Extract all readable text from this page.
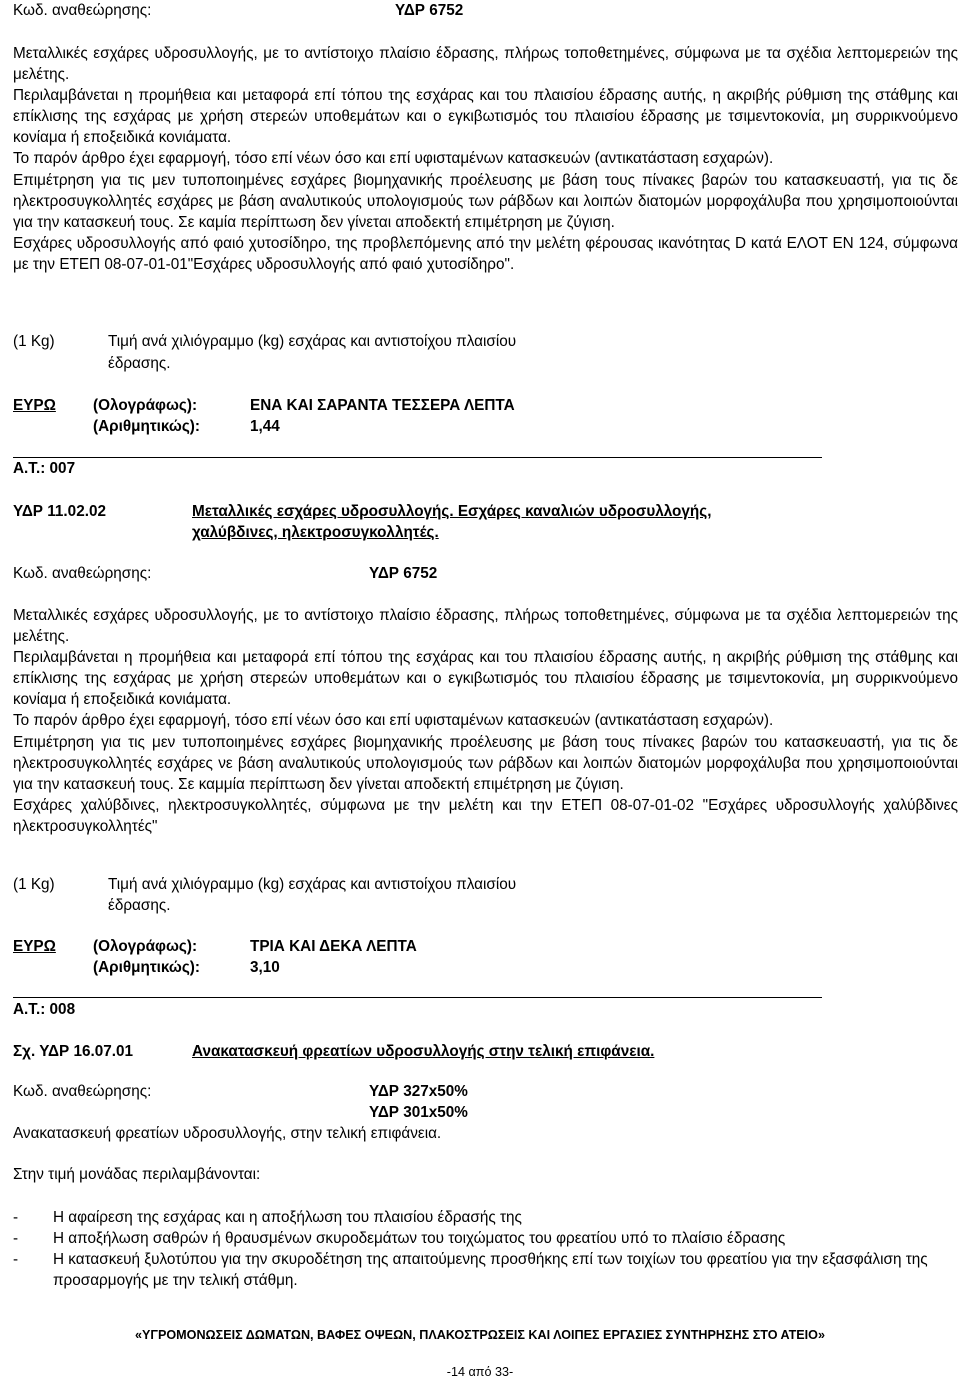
Κωδ. αναθεώρησης:	ΥΔΡ 6752

Μεταλλικές εσχάρες υδροσυλλογής, με το αντίστοιχο πλαίσιο έδρασης, πλήρως τοποθετημένες, σύμφωνα με τα σχέδια λεπτομερειών της μελέτης.

Περιλαμβάνεται η προμήθεια και μεταφορά επί τόπου της εσχάρας και του πλαισίου έδρασης αυτής, η ακριβής ρύθμιση της στάθμης και επίκλισης της εσχάρας με χρήση στερεών υποθεμάτων και ο εγκιβωτισμός του πλαισίου έδρασης με τσιμεντοκονία, μη συρρικνούμενο κονίαμα ή εποξειδικά κονιάματα.

Το παρόν άρθρο έχει εφαρμογή, τόσο επί νέων όσο και επί υφισταμένων κατασκευών (αντικατάσταση εσχαρών).

Επιμέτρηση για τις μεν τυποποιημένες εσχάρες βιομηχανικής προέλευσης με βάση τους πίνακες βαρών του κατασκευαστή, για τις δε ηλεκτροσυγκολλητές εσχάρες με βάση αναλυτικούς υπολογισμούς των ράβδων και λοιπών διατομών μορφοχάλυβα που χρησιμοποιούνται για την κατασκευή τους. Σε καμία περίπτωση δεν γίνεται αποδεκτή επιμέτρηση με ζύγιση.

Εσχάρες υδροσυλλογής από φαιό χυτοσίδηρο, της προβλεπόμενης από την μελέτη φέρουσας ικανότητας D κατά ΕΛΟΤ ΕΝ 124, σύμφωνα με την ΕΤΕΠ 08-07-01-01"Εσχάρες υδροσυλλογής από φαιό χυτοσίδηρο".

(1 Kg)	Τιμή ανά χιλιόγραμμο (kg) εσχάρας και αντιστοίχου πλαισίου
έδρασης.
ΕΥΡΩ (Ολογράφως):	ΕΝΑ ΚΑΙ ΣΑΡΑΝΤΑ ΤΕΣΣΕΡΑ ΛΕΠΤΑ
(Αριθμητικώς):	1,44
Α.Τ.: 007
ΥΔΡ 11.02.02	Μεταλλικές εσχάρες υδροσυλλογής. Εσχάρες καναλιών υδροσυλλογής,
χαλύβδινες, ηλεκτροσυγκολλητές.
Κωδ. αναθεώρησης:	ΥΔΡ 6752

Μεταλλικές εσχάρες υδροσυλλογής, με το αντίστοιχο πλαίσιο έδρασης, πλήρως τοποθετημένες, σύμφωνα με τα σχέδια λεπτομερειών της μελέτης.

Περιλαμβάνεται η προμήθεια και μεταφορά επί τόπου της εσχάρας και του πλαισίου έδρασης αυτής, η ακριβής ρύθμιση της στάθμης και επίκλισης της εσχάρας με χρήση στερεών υποθεμάτων και ο εγκιβωτισμός του πλαισίου έδρασης με τσιμεντοκονία, μη συρρικνούμενο κονίαμα ή εποξειδικά κονιάματα.

Το παρόν άρθρο έχει εφαρμογή, τόσο επί νέων όσο και επί υφισταμένων κατασκευών (αντικατάσταση εσχαρών).

Επιμέτρηση για τις μεν τυποποιημένες εσχάρες βιομηχανικής προέλευσης με βάση τους πίνακες βαρών του κατασκευαστή, για τις δε ηλεκτροσυγκολλητές εσχάρες νε βάση αναλυτικούς υπολογισμούς των ράβδων και λοιπών διατομών μορφοχάλυβα που χρησιμοποιούνται για την κατασκευή τους. Σε καμμία περίπτωση δεν γίνεται αποδεκτή επιμέτρηση με ζύγιση.

Εσχάρες χαλύβδινες, ηλεκτροσυγκολλητές, σύμφωνα με την μελέτη και την ΕΤΕΠ 08-07-01-02 "Εσχάρες υδροσυλλογής χαλύβδινες ηλεκτροσυγκολλητές"

(1 Kg)	Τιμή ανά χιλιόγραμμο (kg) εσχάρας και αντιστοίχου πλαισίου
έδρασης.
ΕΥΡΩ (Ολογράφως):	ΤΡΙΑ ΚΑΙ ΔΕΚΑ ΛΕΠΤΑ
(Αριθμητικώς):	3,10
Α.Τ.: 008
Σχ. ΥΔΡ 16.07.01	Ανακατασκευή φρεατίων υδροσυλλογής στην τελική επιφάνεια.
Κωδ. αναθεώρησης:	ΥΔΡ 327x50%
ΥΔΡ 301x50%
Ανακατασκευή φρεατίων υδροσυλλογής, στην τελική επιφάνεια.
Στην τιμή μονάδας περιλαμβάνονται:
- Η αφαίρεση της εσχάρας και η αποξήλωση του πλαισίου έδρασής της
- Η αποξήλωση σαθρών ή θραυσμένων σκυροδεμάτων του τοιχώματος του φρεατίου υπό το πλαίσιο έδρασης
- Η κατασκευή ξυλοτύπου για την σκυροδέτηση της απαιτούμενης προσθήκης επί των τοιχίων του φρεατίου για την εξασφάλιση της προσαρμογής με την τελική στάθμη.
«ΥΓΡΟΜΟΝΩΣΕΙΣ ΔΩΜΑΤΩΝ, ΒΑΦΕΣ ΟΨΕΩΝ, ΠΛΑΚΟΣΤΡΩΣΕΙΣ ΚΑΙ ΛΟΙΠΕΣ ΕΡΓΑΣΙΕΣ ΣΥΝΤΗΡΗΣΗΣ ΣΤΟ ΑΤΕΙΟ»
-14 από 33-
